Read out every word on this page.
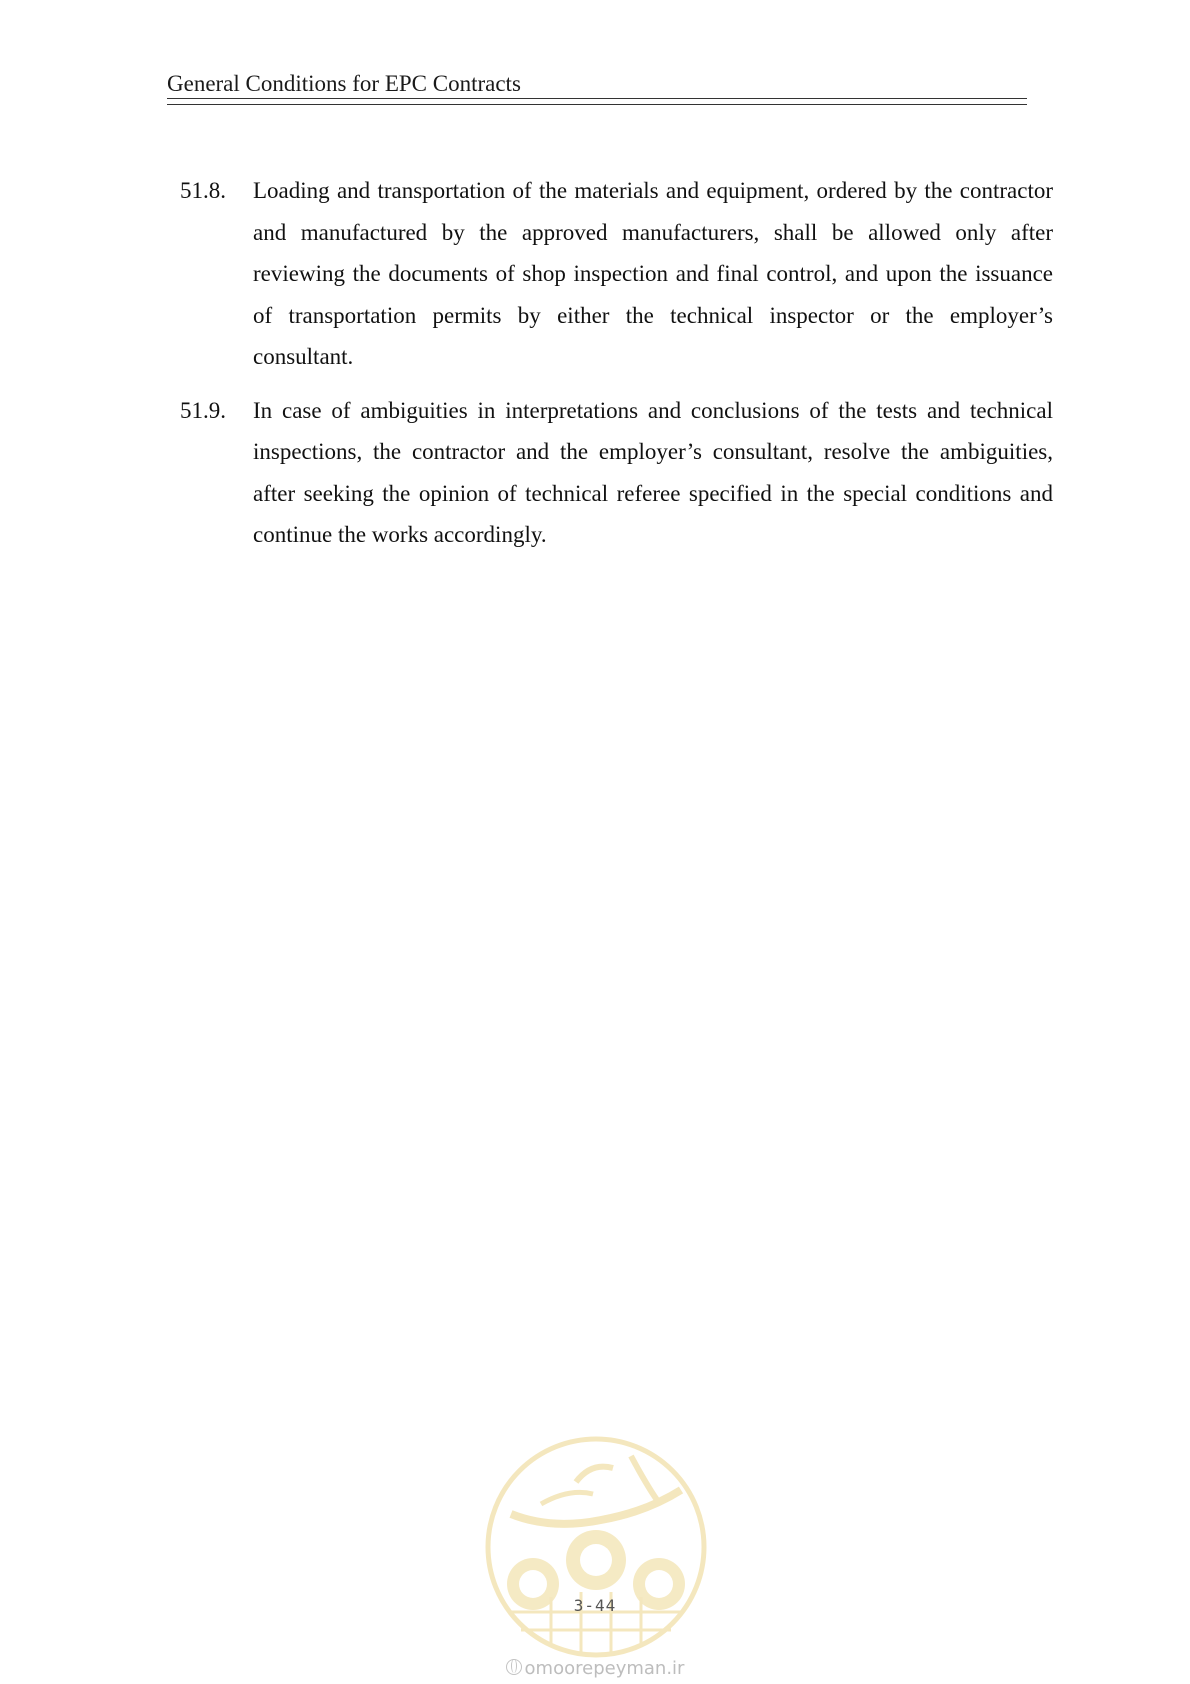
General Conditions for EPC Contracts
51.8.	Loading and transportation of the materials and equipment, ordered by the contractor and manufactured by the approved manufacturers, shall be allowed only after reviewing the documents of shop inspection and final control, and upon the issuance of transportation permits by either the technical inspector or the employer’s consultant.
51.9.	In case of ambiguities in interpretations and conclusions of the tests and technical inspections, the contractor and the employer’s consultant, resolve the ambiguities, after seeking the opinion of technical referee specified in the special conditions and continue the works accordingly.
3-44
omoorepeyman.ir
